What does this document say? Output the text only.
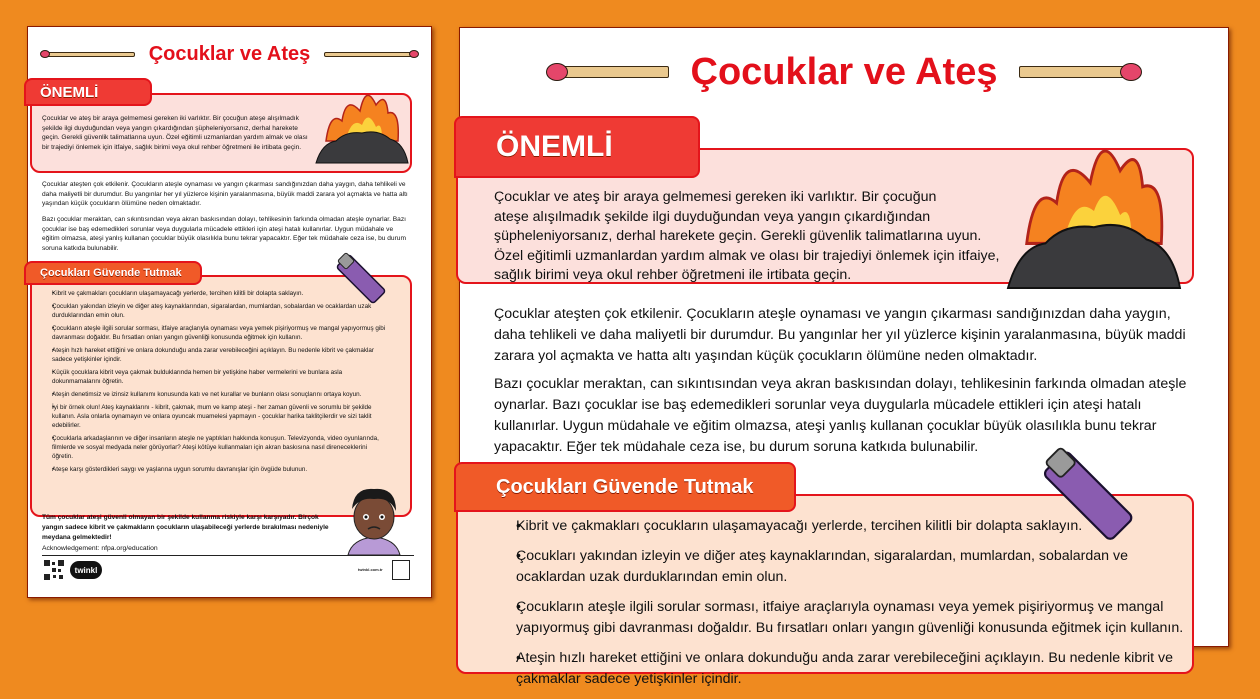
Çocuklar ve Ateş
ÖNEMLİ
Çocuklar ve ateş bir araya gelmemesi gereken iki varlıktır. Bir çocuğun ateşe alışılmadık şekilde ilgi duyduğundan veya yangın çıkardığından şüpheleniyorsanız, derhal harekete geçin. Gerekli güvenlik talimatlarına uyun. Özel eğitimli uzmanlardan yardım almak ve olası bir trajediyi önlemek için itfaiye, sağlık birimi veya okul rehber öğretmeni ile irtibata geçin.
Çocuklar ateşten çok etkilenir. Çocukların ateşle oynaması ve yangın çıkarması sandığınızdan daha yaygın, daha tehlikeli ve daha maliyetli bir durumdur. Bu yangınlar her yıl yüzlerce kişinin yaralanmasına, büyük maddi zarara yol açmakta ve hatta altı yaşından küçük çocukların ölümüne neden olmaktadır.
Bazı çocuklar meraktan, can sıkıntısından veya akran baskısından dolayı, tehlikesinin farkında olmadan ateşle oynarlar. Bazı çocuklar ise baş edemedikleri sorunlar veya duygularla mücadele ettikleri için ateşi hatalı kullanırlar. Uygun müdahale ve eğitim olmazsa, ateşi yanlış kullanan çocuklar büyük olasılıkla bunu tekrar yapacaktır. Eğer tek müdahale ceza ise, bu durum soruna katkıda bulunabilir.
Çocukları Güvende Tutmak
• Kibrit ve çakmakları çocukların ulaşamayacağı yerlerde, tercihen kilitli bir dolapta saklayın.
• Çocukları yakından izleyin ve diğer ateş kaynaklarından, sigaralardan, mumlardan, sobalardan ve ocaklardan uzak durduklarından emin olun.
• Çocukların ateşle ilgili sorular sorması, itfaiye araçlarıyla oynaması veya yemek pişiriyormuş ve mangal yapıyormuş gibi davranması doğaldır. Bu fırsatları onları yangın güvenliği konusunda eğitmek için kullanın.
• Ateşin hızlı hareket ettiğini ve onlara dokunduğu anda zarar verebileceğini açıklayın. Bu nedenle kibrit ve çakmaklar sadece yetişkinler içindir.
• Küçük çocuklara kibrit veya çakmak bulduklarında hemen bir yetişkine haber vermelerini ve bunlara asla dokunmamalarını öğretin.
• Ateşin denetimsiz ve izinsiz kullanımı konusunda katı ve net kurallar ve bunların olası sonuçlarını ortaya koyun.
• İyi bir örnek olun! Ateş kaynaklarını - kibrit, çakmak, mum ve kamp ateşi - her zaman güvenli ve sorumlu bir şekilde kullanın. Asla onlarla oynamayın ve onlara oyuncak muamelesi yapmayın - çocuklar harika taklitçilerdir ve sizi taklit edebilirler.
• Çocuklarla arkadaşlarının ve diğer insanların ateşle ne yaptıkları hakkında konuşun. Televizyonda, video oyunlarında, filmlerde ve sosyal medyada neler görüyorlar? Ateşi kötüye kullanmaları için akran baskısına nasıl direneceklerini öğretin.
• Ateşe karşı gösterdikleri saygı ve yaşlarına uygun sorumlu davranışlar için övgüde bulunun.
Tüm çocuklar ateşi güvenli olmayan bir şekilde kullanma riskiyle karşı karşıyadır. Birçok yangın sadece kibrit ve çakmakların çocukların ulaşabileceği yerlerde bırakılması nedeniyle meydana gelmektedir!
Acknowledgement: nfpa.org/education
twinkl	twinkl.com.tr
Çocuklar ve Ateş
ÖNEMLİ
Çocuklar ve ateş bir araya gelmemesi gereken iki varlıktır. Bir çocuğun
ateşe alışılmadık şekilde ilgi duyduğundan veya yangın çıkardığından
şüpheleniyorsanız, derhal harekete geçin. Gerekli güvenlik talimatlarına uyun.
Özel eğitimli uzmanlardan yardım almak ve olası bir trajediyi önlemek için itfaiye,
sağlık birimi veya okul rehber öğretmeni ile irtibata geçin.
Çocuklar ateşten çok etkilenir. Çocukların ateşle oynaması ve yangın çıkarması sandığınızdan daha yaygın, daha tehlikeli ve daha maliyetli bir durumdur. Bu yangınlar her yıl yüzlerce kişinin yaralanmasına, büyük maddi zarara yol açmakta ve hatta altı yaşından küçük çocukların ölümüne neden olmaktadır.
Bazı çocuklar meraktan, can sıkıntısından veya akran baskısından dolayı, tehlikesinin farkında olmadan ateşle oynarlar. Bazı çocuklar ise baş edemedikleri sorunlar veya duygularla mücadele ettikleri için ateşi hatalı kullanırlar. Uygun müdahale ve eğitim olmazsa, ateşi yanlış kullanan çocuklar büyük olasılıkla bunu tekrar yapacaktır. Eğer tek müdahale ceza ise, bu durum soruna katkıda bulunabilir.
Çocukları Güvende Tutmak
• Kibrit ve çakmakları çocukların ulaşamayacağı yerlerde, tercihen kilitli bir dolapta saklayın.
• Çocukları yakından izleyin ve diğer ateş kaynaklarından, sigaralardan, mumlardan, sobalardan ve ocaklardan uzak durduklarından emin olun.
• Çocukların ateşle ilgili sorular sorması, itfaiye araçlarıyla oynaması veya yemek pişiriyormuş ve mangal yapıyormuş gibi davranması doğaldır. Bu fırsatları onları yangın güvenliği konusunda eğitmek için kullanın.
• Ateşin hızlı hareket ettiğini ve onlara dokunduğu anda zarar verebileceğini açıklayın. Bu nedenle kibrit ve çakmaklar sadece yetişkinler içindir.
